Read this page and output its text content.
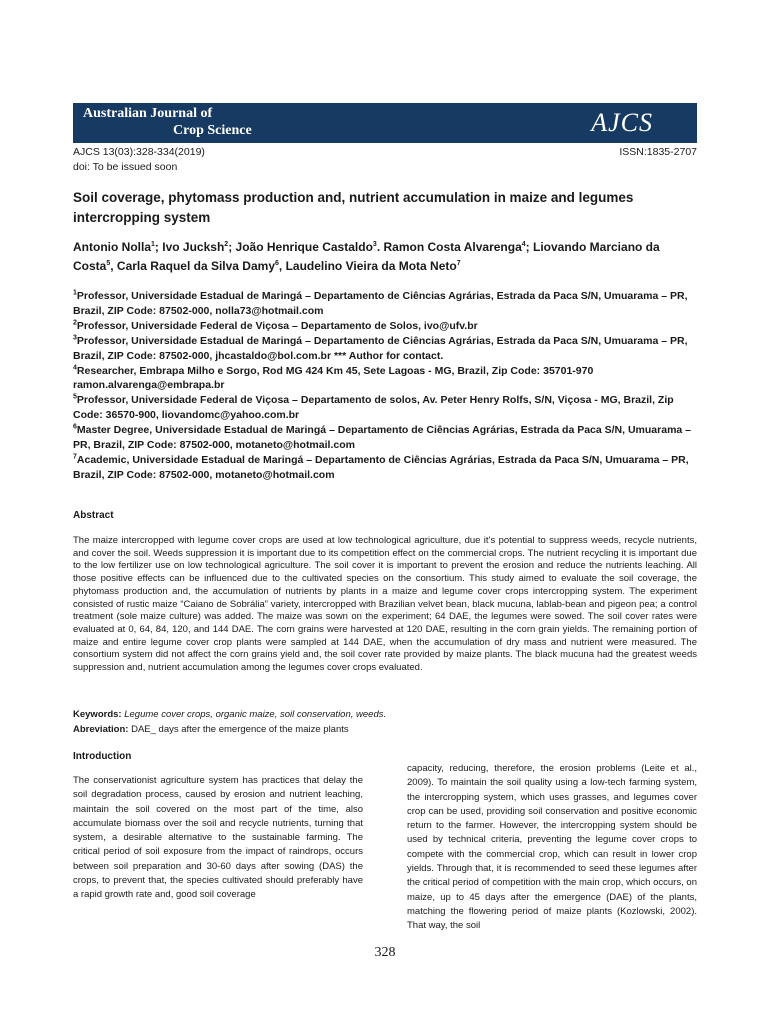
Australian Journal of
Crop Science	AJCS
AJCS 13(03):328-334(2019)
doi: To be issued soon
ISSN:1835-2707
Soil coverage, phytomass production and, nutrient accumulation in maize and legumes
intercropping system
Antonio Nolla$^1$; Ivo Jucksh$^2$; João Henrique Castaldo$^3$. Ramon Costa Alvarenga$^4$; Liovando Marciano da Costa$^5$, Carla Raquel da Silva Damy$^6$, Laudelino Vieira da Mota Neto$^7$

$^1$Professor, Universidade Estadual de Maringá – Departamento de Ciências Agrárias, Estrada da Paca S/N, Umuarama – PR, Brazil, ZIP Code: 87502-000, nolla73@hotmail.com

$^2$Professor, Universidade Federal de Viçosa – Departamento de Solos, ivo@ufv.br

$^3$Professor, Universidade Estadual de Maringá – Departamento de Ciências Agrárias, Estrada da Paca S/N, Umuarama – PR, Brazil, ZIP Code: 87502-000, jhcastaldo@bol.com.br *** Author for contact.

$^4$Researcher, Embrapa Milho e Sorgo, Rod MG 424 Km 45, Sete Lagoas - MG, Brazil, Zip Code: 35701-970 ramon.alvarenga@embrapa.br

$^5$Professor, Universidade Federal de Viçosa – Departamento de solos, Av. Peter Henry Rolfs, S/N, Viçosa - MG, Brazil, Zip Code: 36570-900, liovandomc@yahoo.com.br

$^6$Master Degree, Universidade Estadual de Maringá – Departamento de Ciências Agrárias, Estrada da Paca S/N, Umuarama – PR, Brazil, ZIP Code: 87502-000, motaneto@hotmail.com

$^7$Academic, Universidade Estadual de Maringá – Departamento de Ciências Agrárias, Estrada da Paca S/N, Umuarama – PR, Brazil, ZIP Code: 87502-000, motaneto@hotmail.com

Abstract

The maize intercropped with legume cover crops are used at low technological agriculture, due it’s potential to suppress weeds, recycle nutrients, and cover the soil. Weeds suppression it is important due to its competition effect on the commercial crops. The nutrient recycling it is important due to the low fertilizer use on low technological agriculture. The soil cover it is important to prevent the erosion and reduce the nutrients leaching. All those positive effects can be influenced due to the cultivated species on the consortium. This study aimed to evaluate the soil coverage, the phytomass production and, the accumulation of nutrients by plants in a maize and legume cover crops intercropping system. The experiment consisted of rustic maize “Caiano de Sobrália” variety, intercropped with Brazilian velvet bean, black mucuna, lablab-bean and pigeon pea; a control treatment (sole maize culture) was added. The maize was sown on the experiment; 64 DAE, the legumes were sowed. The soil cover rates were evaluated at 0, 64, 84, 120, and 144 DAE. The corn grains were harvested at 120 DAE, resulting in the corn grain yields. The remaining portion of maize and entire legume cover crop plants were sampled at 144 DAE, when the accumulation of dry mass and nutrient were measured. The consortium system did not affect the corn grains yield and, the soil cover rate provided by maize plants. The black mucuna had the greatest weeds suppression and, nutrient accumulation among the legumes cover crops evaluated.

Keywords: Legume cover crops, organic maize, soil conservation, weeds.
Abreviation: DAE_ days after the emergence of the maize plants
Introduction

The conservationist agriculture system has practices that delay the soil degradation process, caused by erosion and nutrient leaching, maintain the soil covered on the most part of the time, also accumulate biomass over the soil and recycle nutrients, turning that system, a desirable alternative to the sustainable farming. The critical period of soil exposure from the impact of raindrops, occurs between soil preparation and 30-60 days after sowing (DAS) the crops, to prevent that, the species cultivated should preferably have a rapid growth rate and, good soil coverage

capacity, reducing, therefore, the erosion problems (Leite et al., 2009). To maintain the soil quality using a low-tech farming system, the intercropping system, which uses grasses, and legumes cover crop can be used, providing soil conservation and positive economic return to the farmer. However, the intercropping system should be used by technical criteria, preventing the legume cover crops to compete with the commercial crop, which can result in lower crop yields. Through that, it is recommended to seed these legumes after the critical period of competition with the main crop, which occurs, on maize, up to 45 days after the emergence (DAE) of the plants, matching the flowering period of maize plants (Kozlowski, 2002). That way, the soil

328
